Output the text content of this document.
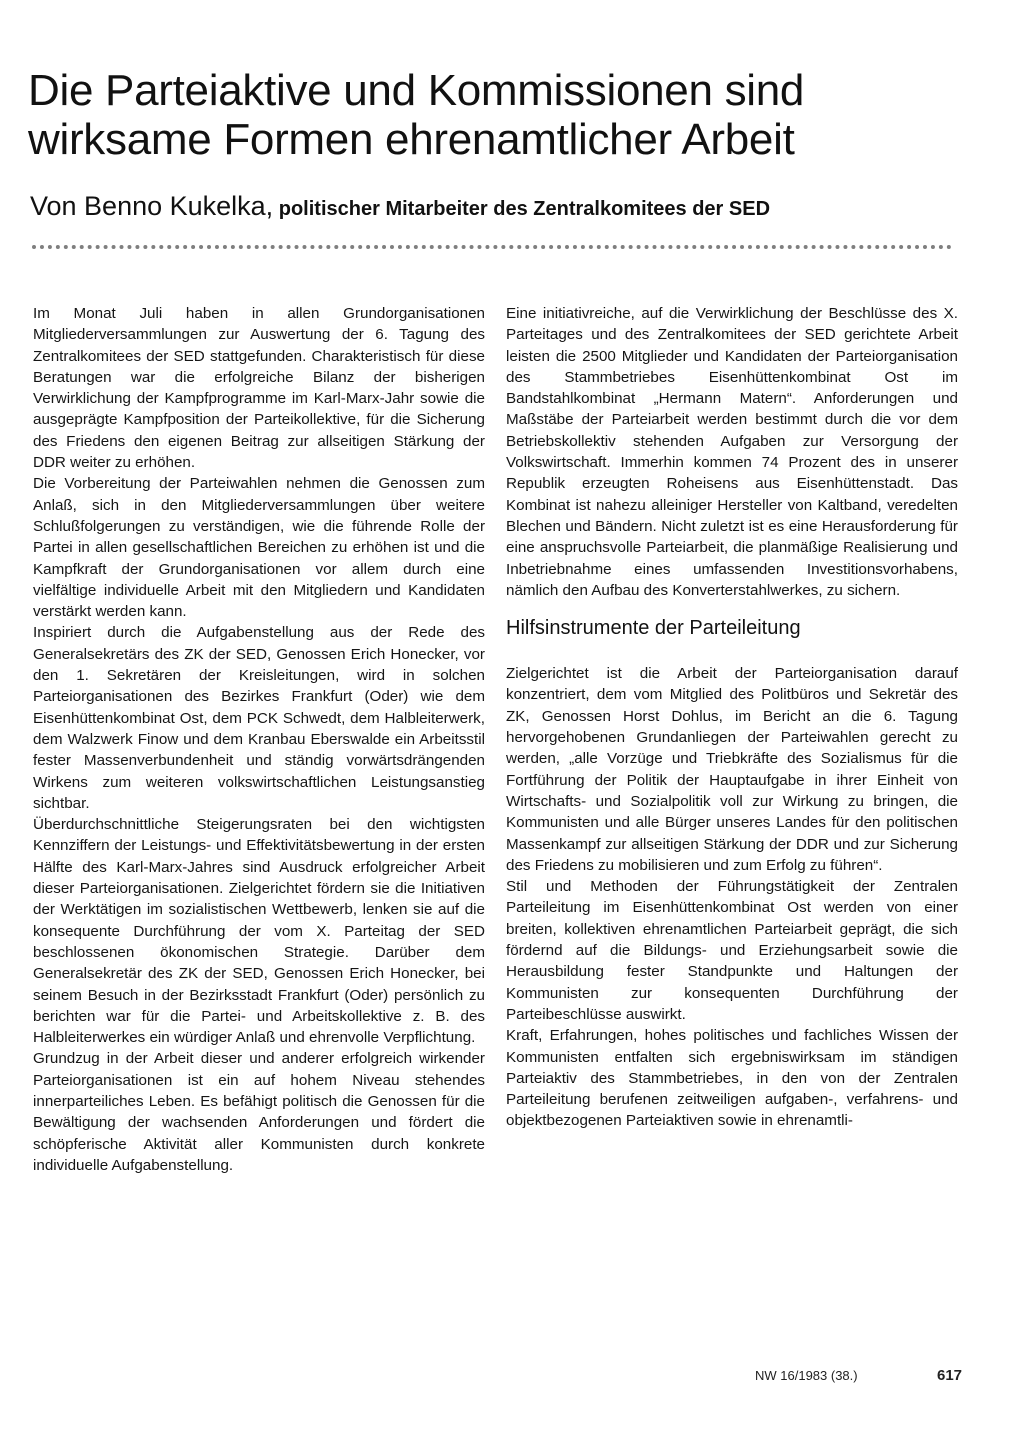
Die Parteiaktive und Kommissionen sind
wirksame Formen ehrenamtlicher Arbeit
Von Benno Kukelka, politischer Mitarbeiter des Zentralkomitees der SED

Im Monat Juli haben in allen Grundorganisationen Mitgliederversammlungen zur Auswertung der 6. Tagung des Zentralkomitees der SED stattgefunden. Charakteristisch für diese Beratungen war die erfolgreiche Bilanz der bisherigen Verwirklichung der Kampfprogramme im Karl-Marx-Jahr sowie die ausgeprägte Kampfposition der Parteikollektive, für die Sicherung des Friedens den eigenen Beitrag zur allseitigen Stärkung der DDR weiter zu erhöhen.

Die Vorbereitung der Parteiwahlen nehmen die Genossen zum Anlaß, sich in den Mitgliederversammlungen über weitere Schlußfolgerungen zu verständigen, wie die führende Rolle der Partei in allen gesellschaftlichen Bereichen zu erhöhen ist und die Kampfkraft der Grundorganisationen vor allem durch eine vielfältige individuelle Arbeit mit den Mitgliedern und Kandidaten verstärkt werden kann.

Inspiriert durch die Aufgabenstellung aus der Rede des Generalsekretärs des ZK der SED, Genossen Erich Honecker, vor den 1. Sekretären der Kreisleitungen, wird in solchen Parteiorganisationen des Bezirkes Frankfurt (Oder) wie dem Eisenhüttenkombinat Ost, dem PCK Schwedt, dem Halbleiterwerk, dem Walzwerk Finow und dem Kranbau Eberswalde ein Arbeitsstil fester Massenverbundenheit und ständig vorwärtsdrängenden Wirkens zum weiteren volkswirtschaftlichen Leistungsanstieg sichtbar.

Überdurchschnittliche Steigerungsraten bei den wichtigsten Kennziffern der Leistungs- und Effektivitätsbewertung in der ersten Hälfte des Karl-Marx-Jahres sind Ausdruck erfolgreicher Arbeit dieser Parteiorganisationen. Zielgerichtet fördern sie die Initiativen der Werktätigen im sozialistischen Wettbewerb, lenken sie auf die konsequente Durchführung der vom X. Parteitag der SED beschlossenen ökonomischen Strategie. Darüber dem Generalsekretär des ZK der SED, Genossen Erich Honecker, bei seinem Besuch in der Bezirksstadt Frankfurt (Oder) persönlich zu berichten war für die Partei- und Arbeitskollektive z. B. des Halbleiterwerkes ein würdiger Anlaß und ehrenvolle Verpflichtung.

Grundzug in der Arbeit dieser und anderer erfolgreich wirkender Parteiorganisationen ist ein auf hohem Niveau stehendes innerparteiliches Leben. Es befähigt politisch die Genossen für die Bewältigung der wachsenden Anforderungen und fördert die schöpferische Aktivität aller Kommunisten durch konkrete individuelle Aufgabenstellung.

Eine initiativreiche, auf die Verwirklichung der Beschlüsse des X. Parteitages und des Zentralkomitees der SED gerichtete Arbeit leisten die 2500 Mitglieder und Kandidaten der Parteiorganisation des Stammbetriebes Eisenhüttenkombinat Ost im Bandstahlkombinat „Hermann Matern“. Anforderungen und Maßstäbe der Parteiarbeit werden bestimmt durch die vor dem Betriebskollektiv stehenden Aufgaben zur Versorgung der Volkswirtschaft. Immerhin kommen 74 Prozent des in unserer Republik erzeugten Roheisens aus Eisenhüttenstadt. Das Kombinat ist nahezu alleiniger Hersteller von Kaltband, veredelten Blechen und Bändern. Nicht zuletzt ist es eine Herausforderung für eine anspruchsvolle Parteiarbeit, die planmäßige Realisierung und Inbetriebnahme eines umfassenden Investitionsvorhabens, nämlich den Aufbau des Konverterstahlwerkes, zu sichern.

Hilfsinstrumente der Parteileitung

Zielgerichtet ist die Arbeit der Parteiorganisation darauf konzentriert, dem vom Mitglied des Politbüros und Sekretär des ZK, Genossen Horst Dohlus, im Bericht an die 6. Tagung hervorgehobenen Grundanliegen der Parteiwahlen gerecht zu werden, „alle Vorzüge und Triebkräfte des Sozialismus für die Fortführung der Politik der Hauptaufgabe in ihrer Einheit von Wirtschafts- und Sozialpolitik voll zur Wirkung zu bringen, die Kommunisten und alle Bürger unseres Landes für den politischen Massenkampf zur allseitigen Stärkung der DDR und zur Sicherung des Friedens zu mobilisieren und zum Erfolg zu führen“.

Stil und Methoden der Führungstätigkeit der Zentralen Parteileitung im Eisenhüttenkombinat Ost werden von einer breiten, kollektiven ehrenamtlichen Parteiarbeit geprägt, die sich fördernd auf die Bildungs- und Erziehungsarbeit sowie die Herausbildung fester Standpunkte und Haltungen der Kommunisten zur konsequenten Durchführung der Parteibeschlüsse auswirkt.

Kraft, Erfahrungen, hohes politisches und fachliches Wissen der Kommunisten entfalten sich ergebniswirksam im ständigen Parteiaktiv des Stammbetriebes, in den von der Zentralen Parteileitung berufenen zeitweiligen aufgaben-, verfahrens- und objektbezogenen Parteiaktiven sowie in ehrenamtli-

NW 16/1983 (38.)	617
